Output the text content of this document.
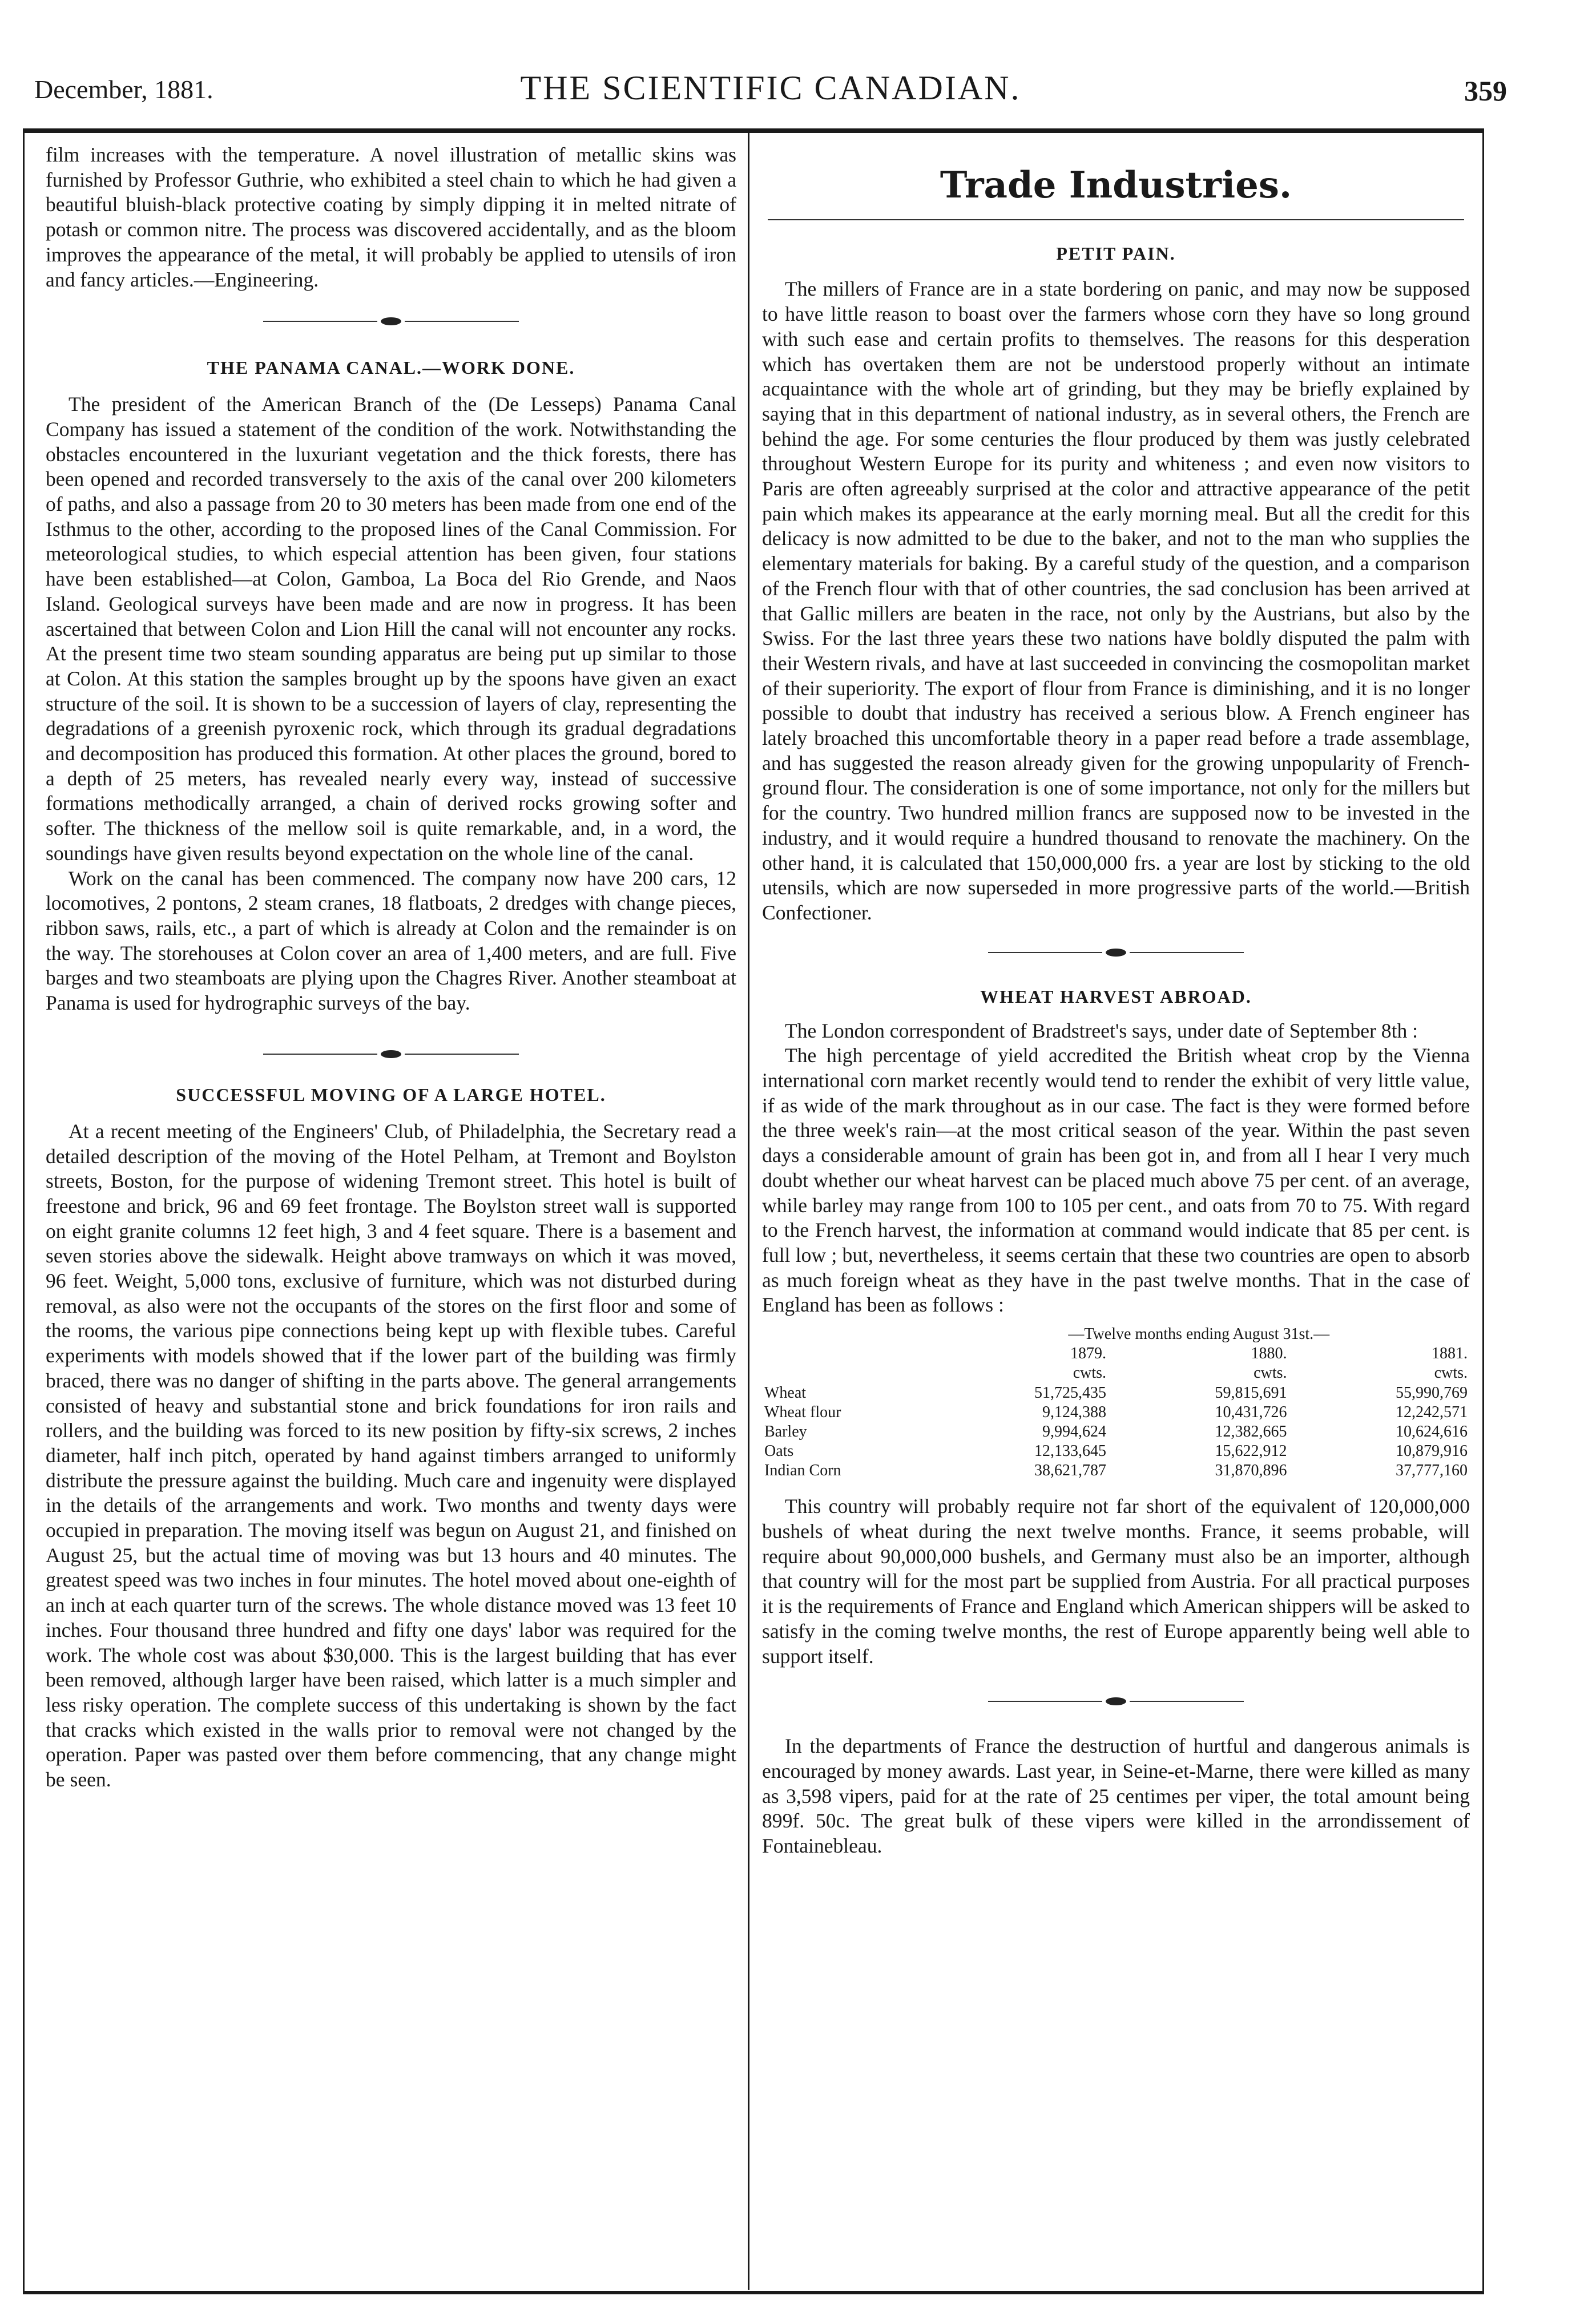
December, 1881.	THE SCIENTIFIC CANADIAN.	359

film increases with the temperature. A novel illustration of metallic skins was furnished by Professor Guthrie, who exhibited a steel chain to which he had given a beautiful bluish-black protective coating by simply dipping it in melted nitrate of potash or common nitre. The process was discovered accidentally, and as the bloom improves the appearance of the metal, it will probably be applied to utensils of iron and fancy articles.—Engineering.

THE PANAMA CANAL.—WORK DONE.

The president of the American Branch of the (De Lesseps) Panama Canal Company has issued a statement of the condition of the work. Notwithstanding the obstacles encountered in the luxuriant vegetation and the thick forests, there has been opened and recorded transversely to the axis of the canal over 200 kilometers of paths, and also a passage from 20 to 30 meters has been made from one end of the Isthmus to the other, according to the proposed lines of the Canal Commission. For meteorological studies, to which especial attention has been given, four stations have been established—at Colon, Gamboa, La Boca del Rio Grende, and Naos Island. Geological surveys have been made and are now in progress. It has been ascertained that between Colon and Lion Hill the canal will not encounter any rocks. At the present time two steam sounding apparatus are being put up similar to those at Colon. At this station the samples brought up by the spoons have given an exact structure of the soil. It is shown to be a succession of layers of clay, representing the degradations of a greenish pyroxenic rock, which through its gradual degradations and decomposition has produced this formation. At other places the ground, bored to a depth of 25 meters, has revealed nearly every way, instead of successive formations methodically arranged, a chain of derived rocks growing softer and softer. The thickness of the mellow soil is quite remarkable, and, in a word, the soundings have given results beyond expectation on the whole line of the canal.

Work on the canal has been commenced. The company now have 200 cars, 12 locomotives, 2 pontons, 2 steam cranes, 18 flatboats, 2 dredges with change pieces, ribbon saws, rails, etc., a part of which is already at Colon and the remainder is on the way. The storehouses at Colon cover an area of 1,400 meters, and are full. Five barges and two steamboats are plying upon the Chagres River. Another steamboat at Panama is used for hydrographic surveys of the bay.

SUCCESSFUL MOVING OF A LARGE HOTEL.

At a recent meeting of the Engineers' Club, of Philadelphia, the Secretary read a detailed description of the moving of the Hotel Pelham, at Tremont and Boylston streets, Boston, for the purpose of widening Tremont street. This hotel is built of freestone and brick, 96 and 69 feet frontage. The Boylston street wall is supported on eight granite columns 12 feet high, 3 and 4 feet square. There is a basement and seven stories above the sidewalk. Height above tramways on which it was moved, 96 feet. Weight, 5,000 tons, exclusive of furniture, which was not disturbed during removal, as also were not the occupants of the stores on the first floor and some of the rooms, the various pipe connections being kept up with flexible tubes. Careful experiments with models showed that if the lower part of the building was firmly braced, there was no danger of shifting in the parts above. The general arrangements consisted of heavy and substantial stone and brick foundations for iron rails and rollers, and the building was forced to its new position by fifty-six screws, 2 inches diameter, half inch pitch, operated by hand against timbers arranged to uniformly distribute the pressure against the building. Much care and ingenuity were displayed in the details of the arrangements and work. Two months and twenty days were occupied in preparation. The moving itself was begun on August 21, and finished on August 25, but the actual time of moving was but 13 hours and 40 minutes. The greatest speed was two inches in four minutes. The hotel moved about one-eighth of an inch at each quarter turn of the screws. The whole distance moved was 13 feet 10 inches. Four thousand three hundred and fifty one days' labor was required for the work. The whole cost was about $30,000. This is the largest building that has ever been removed, although larger have been raised, which latter is a much simpler and less risky operation. The complete success of this undertaking is shown by the fact that cracks which existed in the walls prior to removal were not changed by the operation. Paper was pasted over them before commencing, that any change might be seen.

Trade Industries.
PETIT PAIN.

The millers of France are in a state bordering on panic, and may now be supposed to have little reason to boast over the farmers whose corn they have so long ground with such ease and certain profits to themselves. The reasons for this desperation which has overtaken them are not be understood properly without an intimate acquaintance with the whole art of grinding, but they may be briefly explained by saying that in this department of national industry, as in several others, the French are behind the age. For some centuries the flour produced by them was justly celebrated throughout Western Europe for its purity and whiteness ; and even now visitors to Paris are often agreeably surprised at the color and attractive appearance of the petit pain which makes its appearance at the early morning meal. But all the credit for this delicacy is now admitted to be due to the baker, and not to the man who supplies the elementary materials for baking. By a careful study of the question, and a comparison of the French flour with that of other countries, the sad conclusion has been arrived at that Gallic millers are beaten in the race, not only by the Austrians, but also by the Swiss. For the last three years these two nations have boldly disputed the palm with their Western rivals, and have at last succeeded in convincing the cosmopolitan market of their superiority. The export of flour from France is diminishing, and it is no longer possible to doubt that industry has received a serious blow. A French engineer has lately broached this uncomfortable theory in a paper read before a trade assemblage, and has suggested the reason already given for the growing unpopularity of French-ground flour. The consideration is one of some importance, not only for the millers but for the country. Two hundred million francs are supposed now to be invested in the industry, and it would require a hundred thousand to renovate the machinery. On the other hand, it is calculated that 150,000,000 frs. a year are lost by sticking to the old utensils, which are now superseded in more progressive parts of the world.—British Confectioner.

WHEAT HARVEST ABROAD.

The London correspondent of Bradstreet's says, under date of September 8th :

The high percentage of yield accredited the British wheat crop by the Vienna international corn market recently would tend to render the exhibit of very little value, if as wide of the mark throughout as in our case. The fact is they were formed before the three week's rain—at the most critical season of the year. Within the past seven days a considerable amount of grain has been got in, and from all I hear I very much doubt whether our wheat harvest can be placed much above 75 per cent. of an average, while barley may range from 100 to 105 per cent., and oats from 70 to 75. With regard to the French harvest, the information at command would indicate that 85 per cent. is full low ; but, nevertheless, it seems certain that these two countries are open to absorb as much foreign wheat as they have in the past twelve months. That in the case of England has been as follows :

	—Twelve months ending August 31st.—		
	1879.	1880.	1881.
	cwts.	cwts.	cwts.
Wheat	51,725,435	59,815,691	55,990,769
Wheat flour	9,124,388	10,431,726	12,242,571
Barley	9,994,624	12,382,665	10,624,616
Oats	12,133,645	15,622,912	10,879,916
Indian Corn	38,621,787	31,870,896	37,777,160

This country will probably require not far short of the equivalent of 120,000,000 bushels of wheat during the next twelve months. France, it seems probable, will require about 90,000,000 bushels, and Germany must also be an importer, although that country will for the most part be supplied from Austria. For all practical purposes it is the requirements of France and England which American shippers will be asked to satisfy in the coming twelve months, the rest of Europe apparently being well able to support itself.

In the departments of France the destruction of hurtful and dangerous animals is encouraged by money awards. Last year, in Seine-et-Marne, there were killed as many as 3,598 vipers, paid for at the rate of 25 centimes per viper, the total amount being 899f. 50c. The great bulk of these vipers were killed in the arrondissement of Fontainebleau.
